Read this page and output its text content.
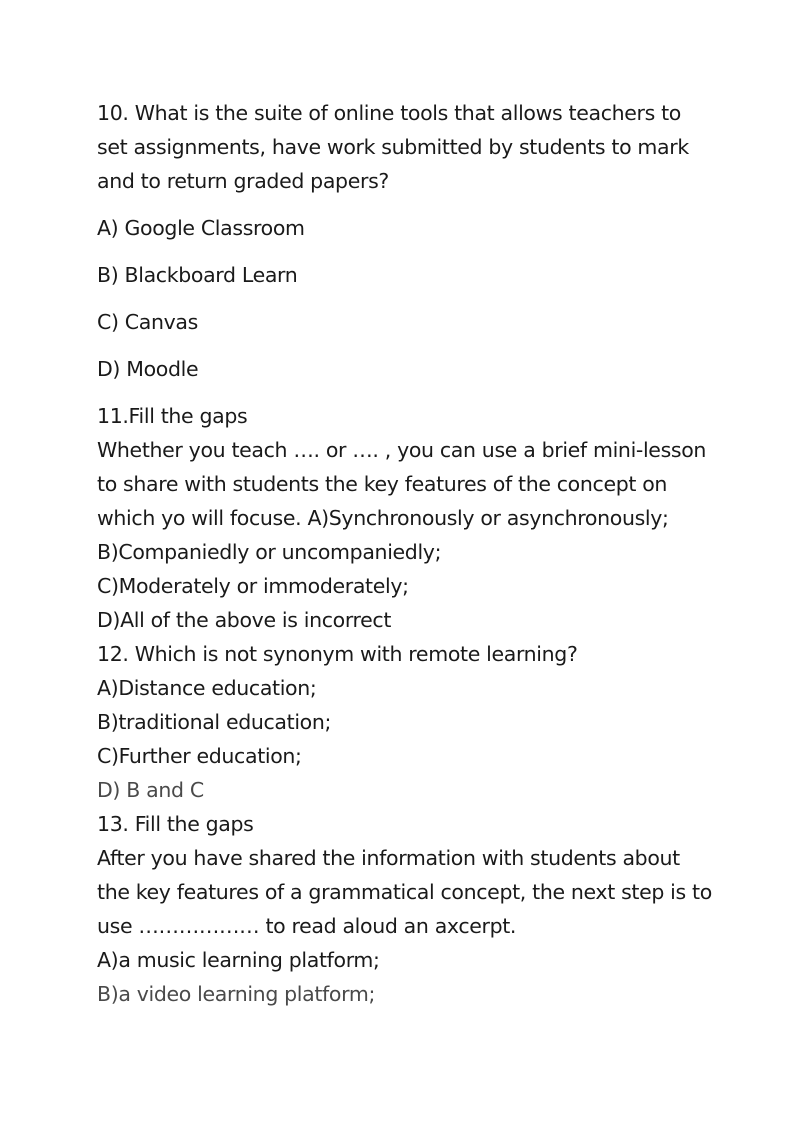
10. What is the suite of online tools that allows teachers to
set assignments, have work submitted by students to mark
and to return graded papers?
A) Google Classroom
B) Blackboard Learn
C) Canvas
D) Moodle
11.Fill the gaps
Whether you teach …. or …. , you can use a brief mini-lesson
to share with students the key features of the concept on
which yo will focuse. A)Synchronously or asynchronously;
B)Companiedly or uncompaniedly;
C)Moderately or immoderately;
D)All of the above is incorrect
12. Which is not synonym with remote learning?
A)Distance education;
B)traditional education;
C)Further education;
D) B and C
13. Fill the gaps
After you have shared the information with students about
the key features of a grammatical concept, the next step is to
use ……………… to read aloud an axcerpt.
A)a music learning platform;
B)a video learning platform;
